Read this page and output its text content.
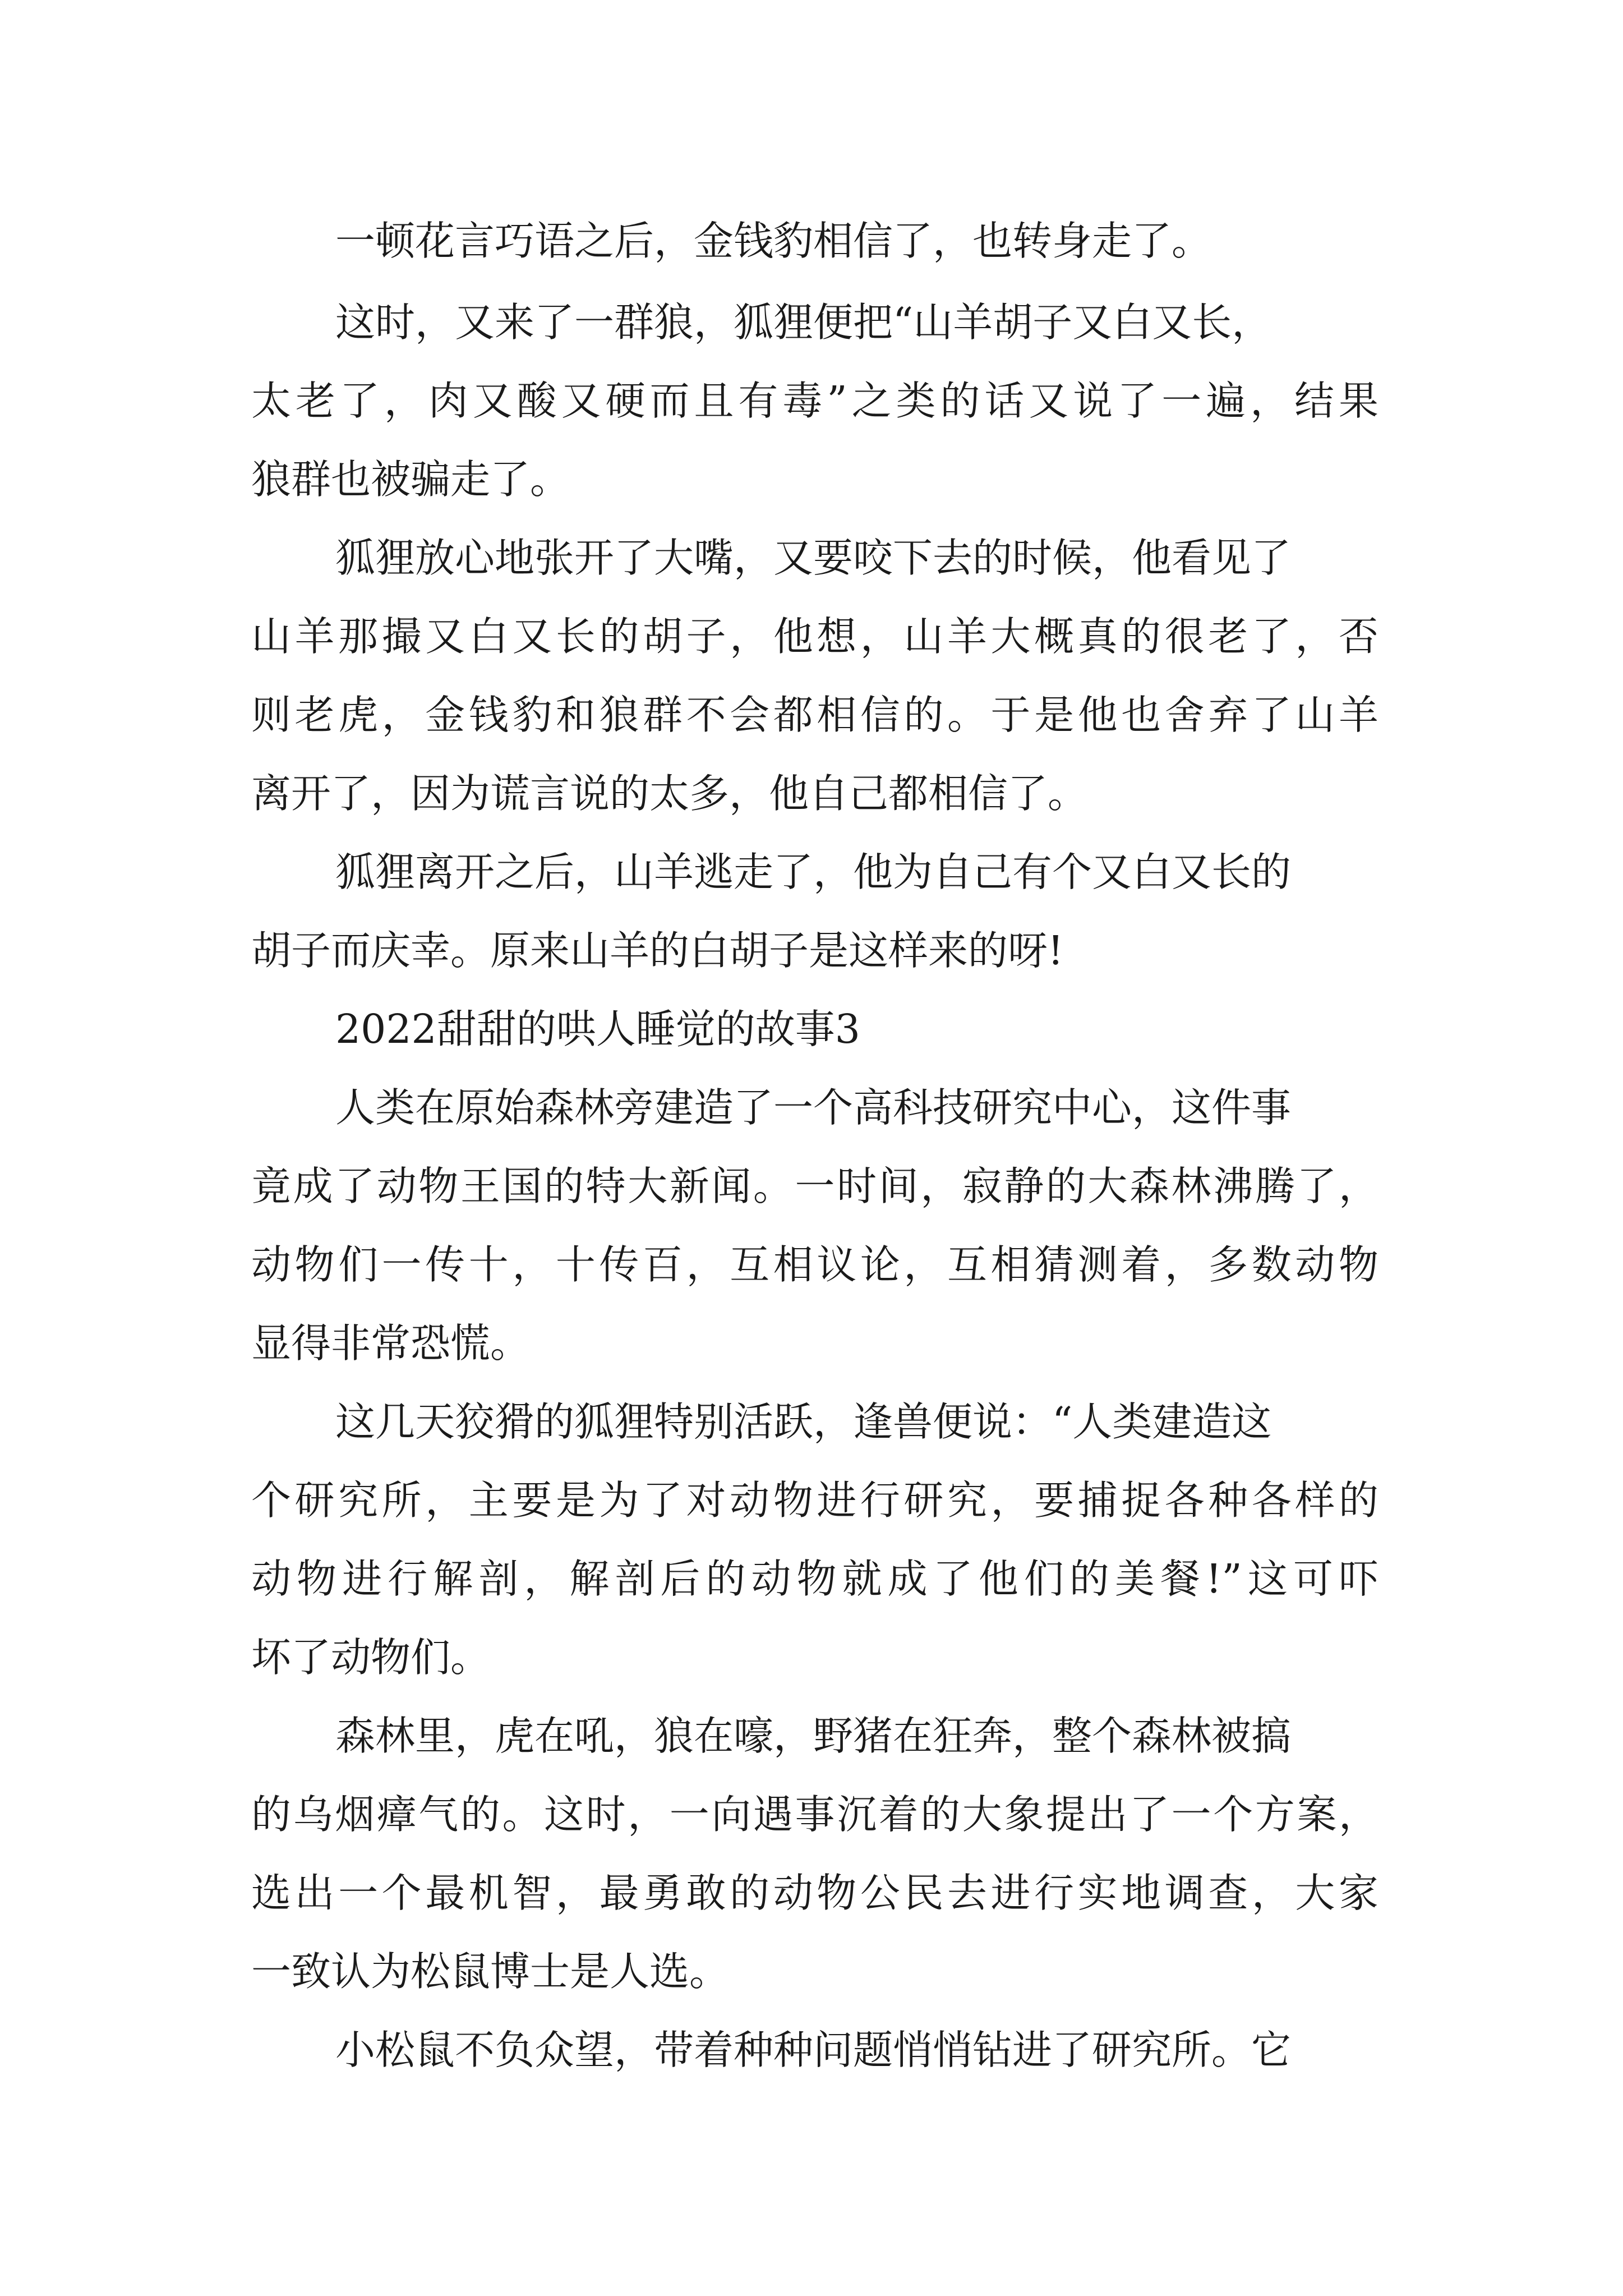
一顿花言巧语之后，金钱豹相信了，也转身走了。

这时，又来了一群狼，狐狸便把“山羊胡子又白又长，

太老了，肉又酸又硬而且有毒”之类的话又说了一遍，结果

狼群也被骗走了。

狐狸放心地张开了大嘴，又要咬下去的时候，他看见了

山羊那撮又白又长的胡子，他想，山羊大概真的很老了，否

则老虎，金钱豹和狼群不会都相信的。于是他也舍弃了山羊

离开了，因为谎言说的太多，他自己都相信了。

狐狸离开之后，山羊逃走了，他为自己有个又白又长的

胡子而庆幸。原来山羊的白胡子是这样来的呀!

2022甜甜的哄人睡觉的故事3

人类在原始森林旁建造了一个高科技研究中心，这件事

竟成了动物王国的特大新闻。一时间，寂静的大森林沸腾了，

动物们一传十，十传百，互相议论，互相猜测着，多数动物

显得非常恐慌。

这几天狡猾的狐狸特别活跃，逢兽便说：“人类建造这

个研究所，主要是为了对动物进行研究，要捕捉各种各样的

动物进行解剖，解剖后的动物就成了他们的美餐!”这可吓

坏了动物们。

森林里，虎在吼，狼在嚎，野猪在狂奔，整个森林被搞

的乌烟瘴气的。这时，一向遇事沉着的大象提出了一个方案，

选出一个最机智，最勇敢的动物公民去进行实地调查，大家

一致认为松鼠博士是人选。

小松鼠不负众望，带着种种问题悄悄钻进了研究所。它
